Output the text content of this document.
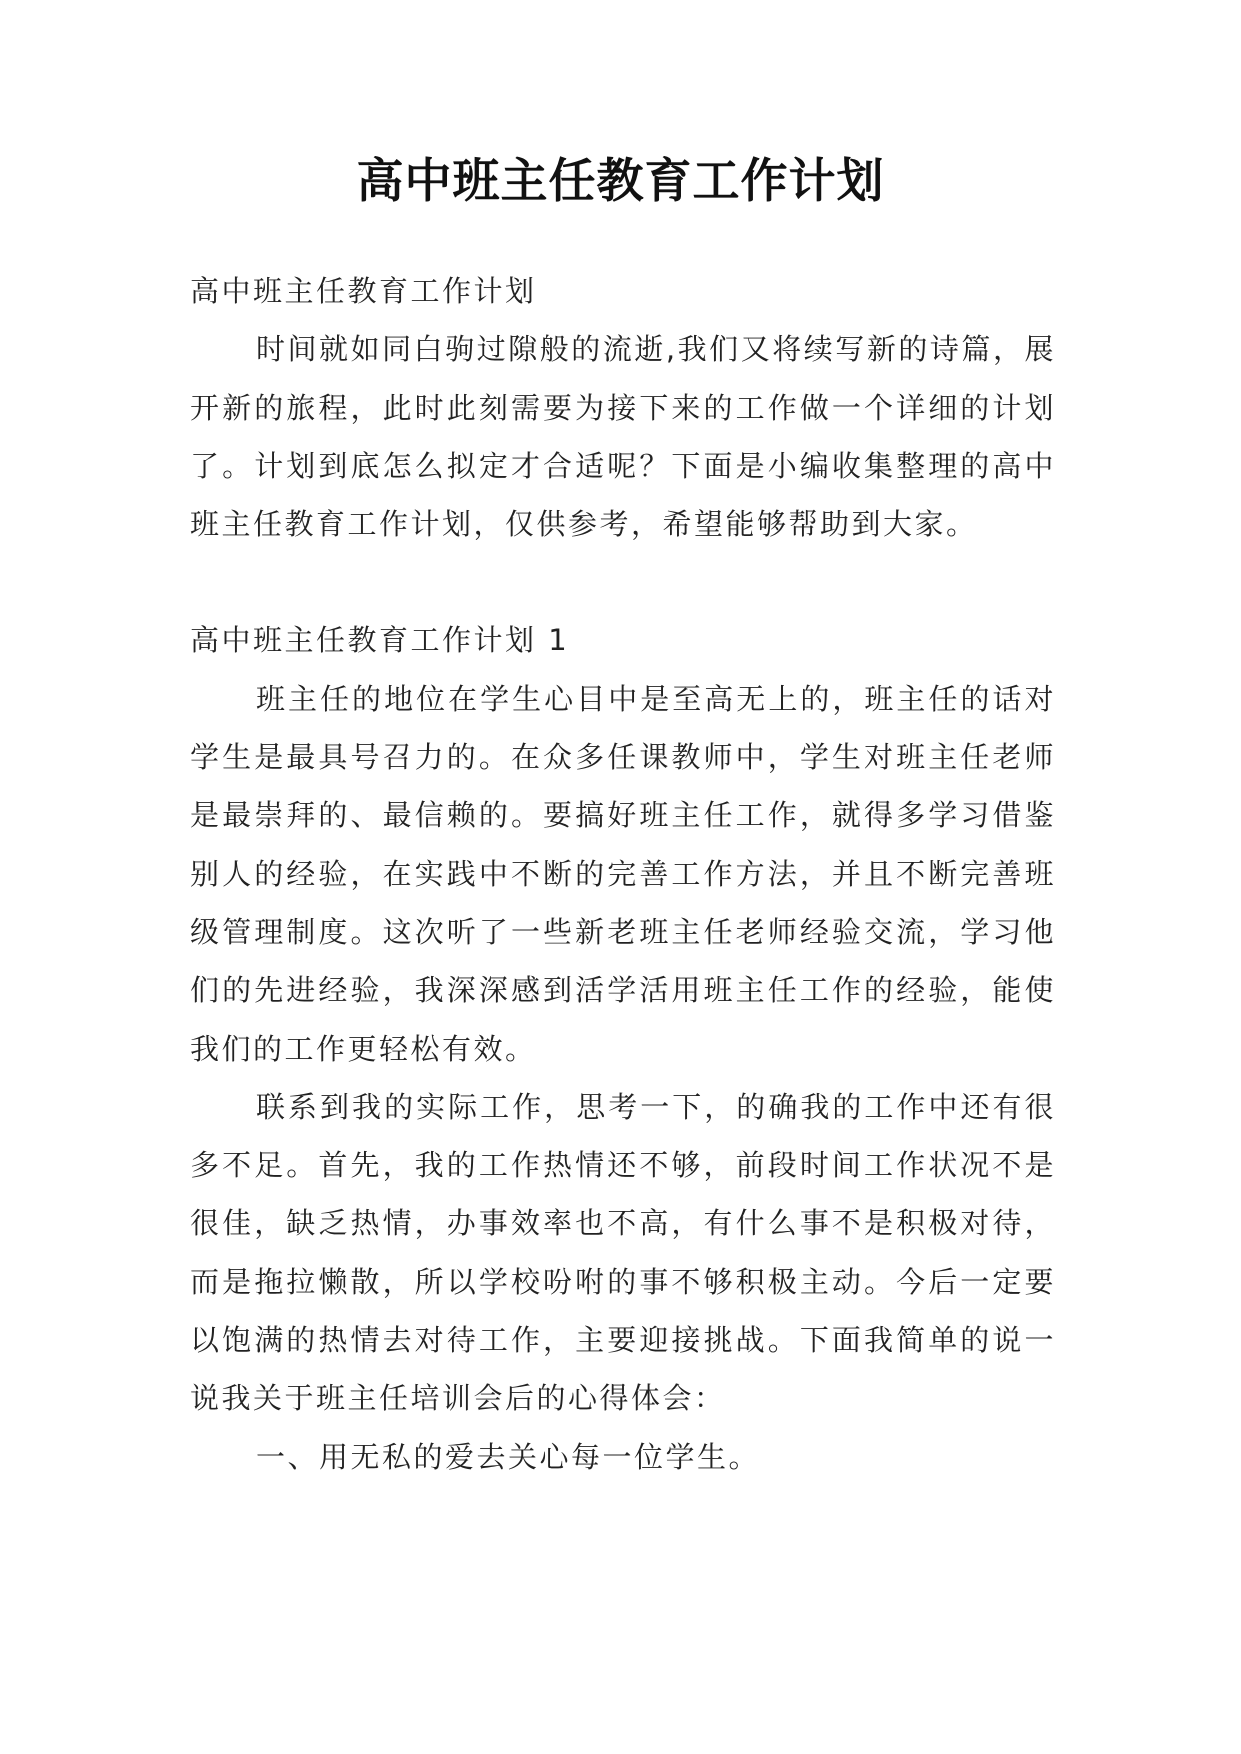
高中班主任教育工作计划

高中班主任教育工作计划

时间就如同白驹过隙般的流逝,我们又将续写新的诗篇，展开新的旅程，此时此刻需要为接下来的工作做一个详细的计划了。计划到底怎么拟定才合适呢？下面是小编收集整理的高中班主任教育工作计划，仅供参考，希望能够帮助到大家。

高中班主任教育工作计划 1

班主任的地位在学生心目中是至高无上的，班主任的话对学生是最具号召力的。在众多任课教师中，学生对班主任老师是最崇拜的、最信赖的。要搞好班主任工作，就得多学习借鉴别人的经验，在实践中不断的完善工作方法，并且不断完善班级管理制度。这次听了一些新老班主任老师经验交流，学习他们的先进经验，我深深感到活学活用班主任工作的经验，能使我们的工作更轻松有效。

联系到我的实际工作，思考一下，的确我的工作中还有很多不足。首先，我的工作热情还不够，前段时间工作状况不是很佳，缺乏热情，办事效率也不高，有什么事不是积极对待，而是拖拉懒散，所以学校吩咐的事不够积极主动。今后一定要以饱满的热情去对待工作，主要迎接挑战。下面我简单的说一说我关于班主任培训会后的心得体会：

一、用无私的爱去关心每一位学生。
